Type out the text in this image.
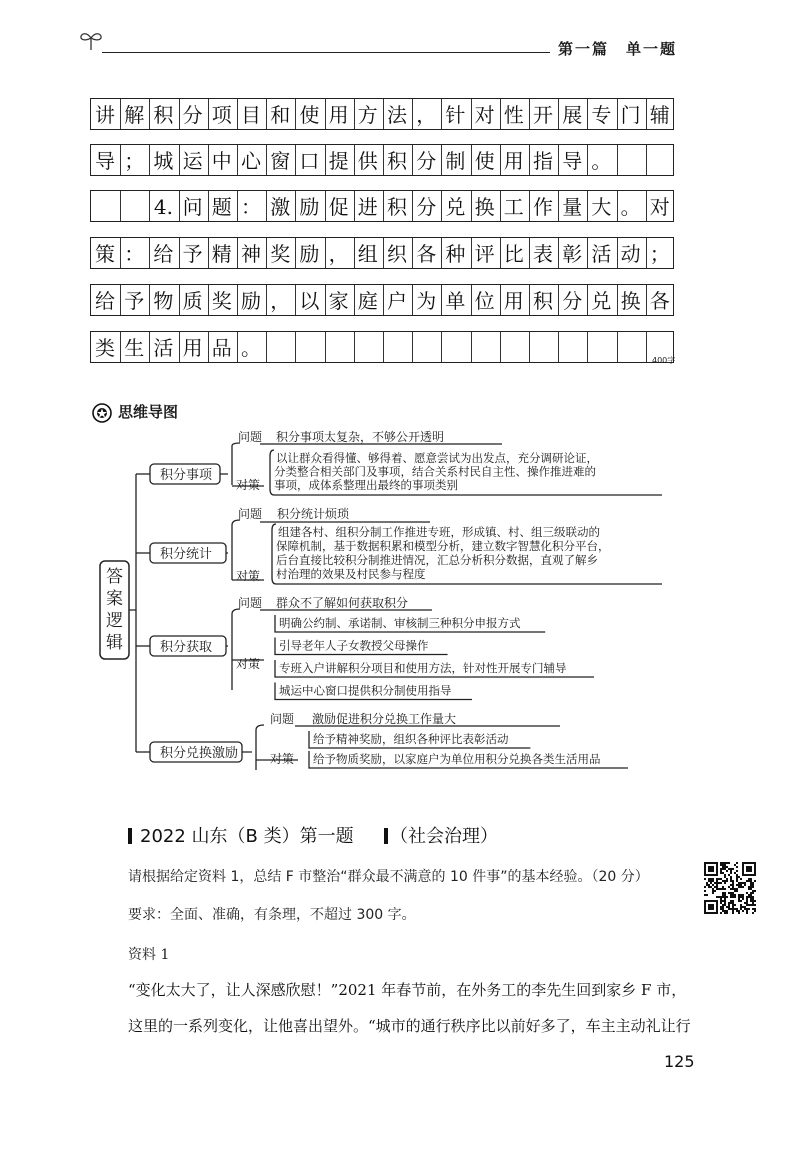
第一篇　单一题
讲 解 积 分 项 目 和 使 用 方 法 ， 针 对 性 开 展 专 门 辅
导 ； 城 运 中 心 窗 口 提 供 积 分 制 使 用 指 导 。
4. 问 题 ： 激 励 促 进 积 分 兑 换 工 作 量 大 。 对
策 ： 给 予 精 神 奖 励 ， 组 织 各 种 评 比 表 彰 活 动 ；
给 予 物 质 奖 励 ， 以 家 庭 户 为 单 位 用 积 分 兑 换 各
类 生 活 用 品 。
400字
思维导图
答
案
逻
辑
积分事项
问题 积分事项太复杂，不够公开透明
对策
以让群众看得懂、够得着、愿意尝试为出发点，充分调研论证，
分类整合相关部门及事项，结合关系村民自主性、操作推进难的
事项，成体系整理出最终的事项类别
积分统计
问题 积分统计烦琐
对策
组建各村、组积分制工作推进专班，形成镇、村、组三级联动的
保障机制，基于数据积累和模型分析，建立数字智慧化积分平台，
后台直接比较积分制推进情况，汇总分析积分数据，直观了解乡
村治理的效果及村民参与程度
积分获取
问题 群众不了解如何获取积分
对策
明确公约制、承诺制、审核制三种积分申报方式
引导老年人子女教授父母操作
专班入户讲解积分项目和使用方法，针对性开展专门辅导
城运中心窗口提供积分制使用指导
积分兑换激励
问题 激励促进积分兑换工作量大
对策
给予精神奖励，组织各种评比表彰活动
给予物质奖励，以家庭户为单位用积分兑换各类生活用品
2022 山东（B 类）第一题 （社会治理）
请根据给定资料 1，总结 F 市整治“群众最不满意的 10 件事”的基本经验。（20 分）
要求：全面、准确，有条理，不超过 300 字。
资料 1
“变化太大了，让人深感欣慰！”2021 年春节前，在外务工的李先生回到家乡 F 市，
这里的一系列变化，让他喜出望外。“城市的通行秩序比以前好多了，车主主动礼让行
125
